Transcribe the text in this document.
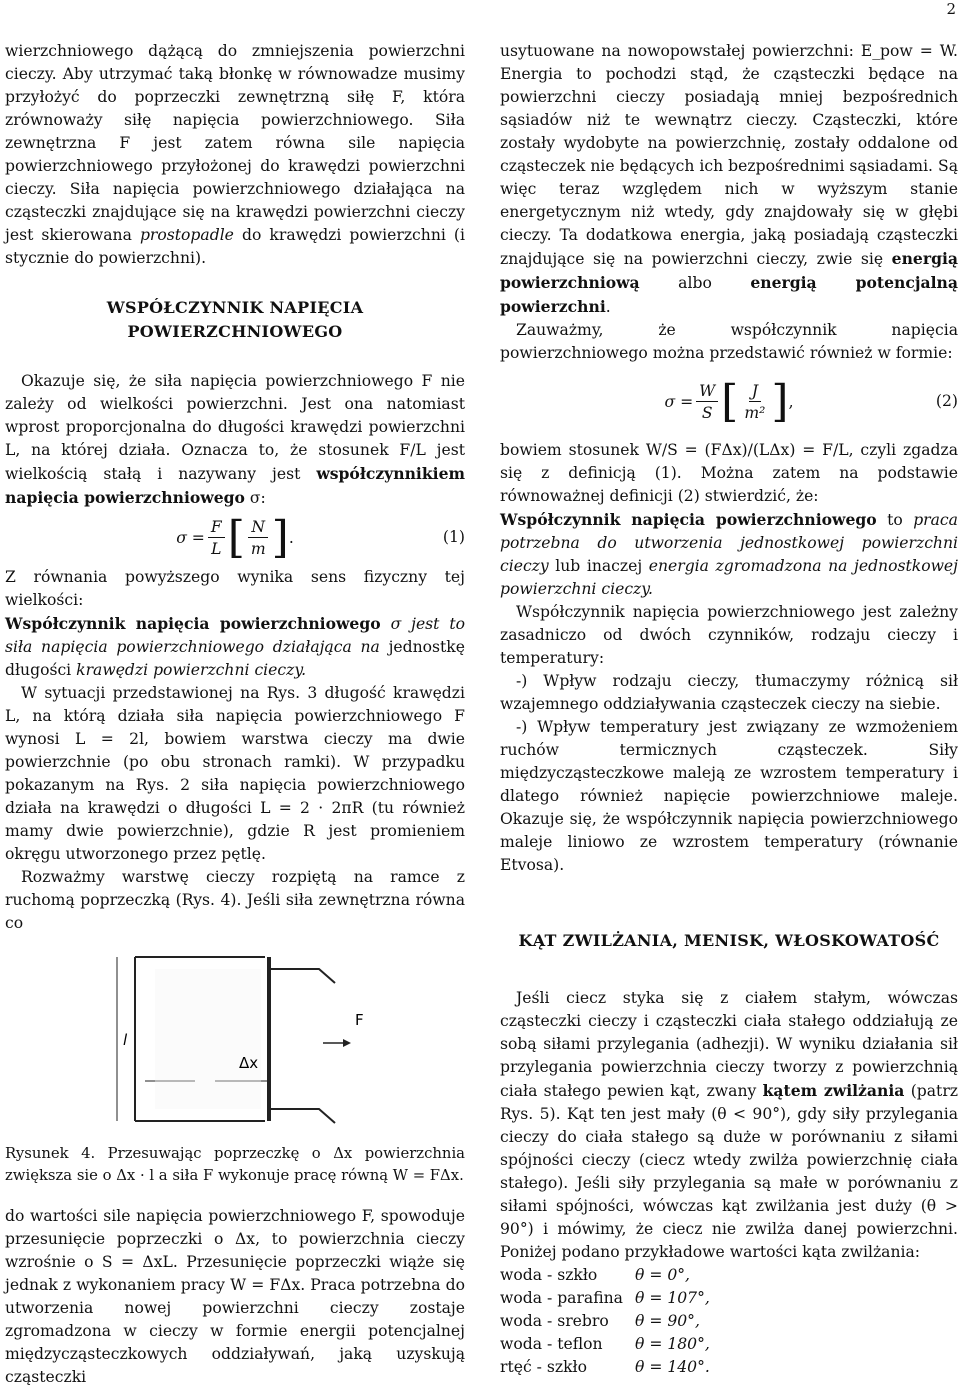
2

wierzchniowego dążącą do zmniejszenia powierzchni cieczy. Aby utrzymać taką błonkę w równowadze musimy przyłożyć do poprzeczki zewnętrzną siłę F, która zrównoważy siłę napięcia powierzchniowego. Siła zewnętrzna F jest zatem równa sile napięcia powierzchniowego przyłożonej do krawędzi powierzchni cieczy. Siła napięcia powierzchniowego działająca na cząsteczki znajdujące się na krawędzi powierzchni cieczy jest skierowana prostopadle do krawędzi powierzchni (i stycznie do powierzchni).

WSPÓŁCZYNNIK NAPIĘCIA
POWIERZCHNIOWEGO

Okazuje się, że siła napięcia powierzchniowego F nie zależy od wielkości powierzchni. Jest ona natomiast wprost proporcjonalna do długości krawędzi powierzchni L, na której działa. Oznacza to, że stosunek F/L jest wielkością stałą i nazywany jest współczynnikiem napięcia powierzchniowego σ:

$\sigma = \frac{F}{L}$ [ $\frac{N}{m}$ ] .	(1)

Z równania powyższego wynika sens fizyczny tej wielkości:

Współczynnik napięcia powierzchniowego σ jest to siła napięcia powierzchniowego działająca na jednostkę długości krawędzi powierzchni cieczy.

W sytuacji przedstawionej na Rys. 3 długość krawędzi L, na którą działa siła napięcia powierzchniowego F wynosi L = 2l, bowiem warstwa cieczy ma dwie powierzchnie (po obu stronach ramki). W przypadku pokazanym na Rys. 2 siła napięcia powierzchniowego działa na krawędzi o długości L = 2 · 2πR (tu również mamy dwie powierzchnie), gdzie R jest promieniem okręgu utworzonego przez pętlę.

Rozważmy warstwę cieczy rozpiętą na ramce z ruchomą poprzeczką (Rys. 4). Jeśli siła zewnętrzna równa co

l
Δx
F

Rysunek 4. Przesuwając poprzeczkę o Δx powierzchnia zwiększa sie o Δx · l a siła F wykonuje pracę równą W = FΔx.

do wartości sile napięcia powierzchniowego F, spowoduje przesunięcie poprzeczki o Δx, to powierzchnia cieczy wzrośnie o S = ΔxL. Przesunięcie poprzeczki wiąże się jednak z wykonaniem pracy W = FΔx. Praca potrzebna do utworzenia nowej powierzchni cieczy zostaje zgromadzona w cieczy w formie energii potencjalnej międzycząsteczkowych oddziaływań, jaką uzyskują cząsteczki

usytuowane na nowopowstałej powierzchni: E_pow = W. Energia to pochodzi stąd, że cząsteczki będące na powierzchni cieczy posiadają mniej bezpośrednich sąsiadów niż te wewnątrz cieczy. Cząsteczki, które zostały wydobyte na powierzchnię, zostały oddalone od cząsteczek nie będących ich bezpośrednimi sąsiadami. Są więc teraz względem nich w wyższym stanie energetycznym niż wtedy, gdy znajdowały się w głębi cieczy. Ta dodatkowa energia, jaką posiadają cząsteczki znajdujące się na powierzchni cieczy, zwie się energią powierzchniową albo energią potencjalną powierzchni.

Zauważmy, że współczynnik napięcia powierzchniowego można przedstawić również w formie:

$\sigma = \frac{W}{S}$ [ $\frac{J}{\text{m²}}$ ] ,	(2)

bowiem stosunek W/S = (FΔx)/(LΔx) = F/L, czyli zgadza się z definicją (1). Można zatem na podstawie równoważnej definicji (2) stwierdzić, że:

Współczynnik napięcia powierzchniowego to praca potrzebna do utworzenia jednostkowej powierzchni cieczy lub inaczej energia zgromadzona na jednostkowej powierzchni cieczy.

Współczynnik napięcia powierzchniowego jest zależny zasadniczo od dwóch czynników, rodzaju cieczy i temperatury:

-) Wpływ rodzaju cieczy, tłumaczymy różnicą sił wzajemnego oddziaływania cząsteczek cieczy na siebie.

-) Wpływ temperatury jest związany ze wzmożeniem ruchów termicznych cząsteczek. Siły międzycząsteczkowe maleją ze wzrostem temperatury i dlatego również napięcie powierzchniowe maleje. Okazuje się, że współczynnik napięcia powierzchniowego maleje liniowo ze wzrostem temperatury (równanie Etvosa).

KĄT ZWILŻANIA, MENISK, WŁOSKOWATOŚĆ

Jeśli ciecz styka się z ciałem stałym, wówczas cząsteczki cieczy i cząsteczki ciała stałego oddziałują ze sobą siłami przylegania (adhezji). W wyniku działania sił przylegania powierzchnia cieczy tworzy z powierzchnią ciała stałego pewien kąt, zwany kątem zwilżania (patrz Rys. 5). Kąt ten jest mały (θ < 90°), gdy siły przylegania cieczy do ciała stałego są duże w porównaniu z siłami spójności cieczy (ciecz wtedy zwilża powierzchnię ciała stałego). Jeśli siły przylegania są małe w porównaniu z siłami spójności, wówczas kąt zwilżania jest duży (θ > 90°) i mówimy, że ciecz nie zwilża danej powierzchni. Poniżej podano przykładowe wartości kąta zwilżania:

woda - szkło	θ = 0°,
woda - parafina	θ = 107°,
woda - srebro	θ = 90°,
woda - teflon	θ = 180°,
rtęć - szkło	θ = 140°.
